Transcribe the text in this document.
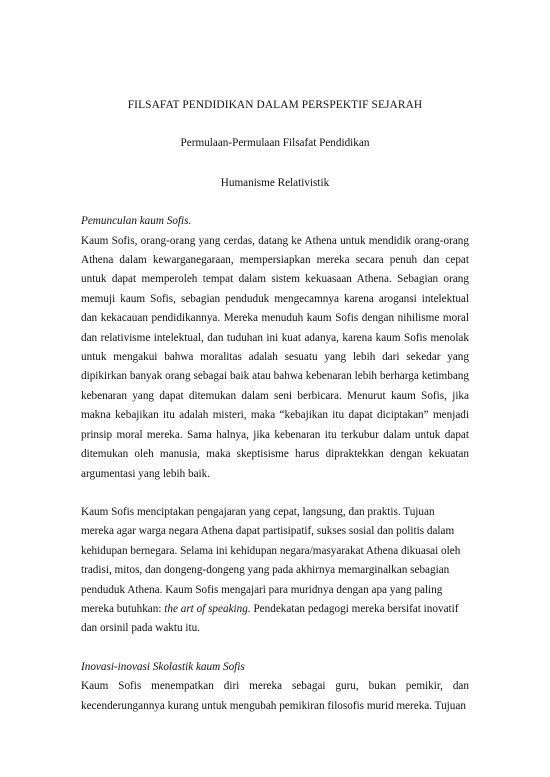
FILSAFAT PENDIDIKAN DALAM PERSPEKTIF SEJARAH

Permulaan-Permulaan Filsafat Pendidikan

Humanisme Relativistik

Pemunculan kaum Sofis.

Kaum Sofis, orang-orang yang cerdas, datang ke Athena untuk mendidik orang-orang Athena dalam kewarganegaraan, mempersiapkan mereka secara penuh dan cepat untuk dapat memperoleh tempat dalam sistem kekuasaan Athena. Sebagian orang memuji kaum Sofis, sebagian penduduk mengecamnya karena arogansi intelektual dan kekacauan pendidikannya. Mereka menuduh kaum Sofis dengan nihilisme moral dan relativisme intelektual, dan tuduhan ini kuat adanya, karena kaum Sofis menolak untuk mengakui bahwa moralitas adalah sesuatu yang lebih dari sekedar yang dipikirkan banyak orang sebagai baik atau bahwa kebenaran lebih berharga ketimbang kebenaran yang dapat ditemukan dalam seni berbicara. Menurut kaum Sofis, jika makna kebajikan itu adalah misteri, maka “kebajikan itu dapat diciptakan” menjadi prinsip moral mereka. Sama halnya, jika kebenaran itu terkubur dalam untuk dapat ditemukan oleh manusia, maka skeptisisme harus dipraktekkan dengan kekuatan argumentasi yang lebih baik.

Kaum Sofis menciptakan pengajaran yang cepat, langsung, dan praktis. Tujuan mereka agar warga negara Athena dapat partisipatif, sukses sosial dan politis dalam kehidupan bernegara. Selama ini kehidupan negara/masyarakat Athena dikuasai oleh tradisi, mitos, dan dongeng-dongeng yang pada akhirnya memarginalkan sebagian penduduk Athena. Kaum Sofis mengajari para muridnya dengan apa yang paling mereka butuhkan: the art of speaking. Pendekatan pedagogi mereka bersifat inovatif dan orsinil pada waktu itu.

Inovasi-inovasi Skolastik kaum Sofis

Kaum Sofis menempatkan diri mereka sebagai guru, bukan pemikir, dan kecenderungannya kurang untuk mengubah pemikiran filosofis murid mereka. Tujuan
